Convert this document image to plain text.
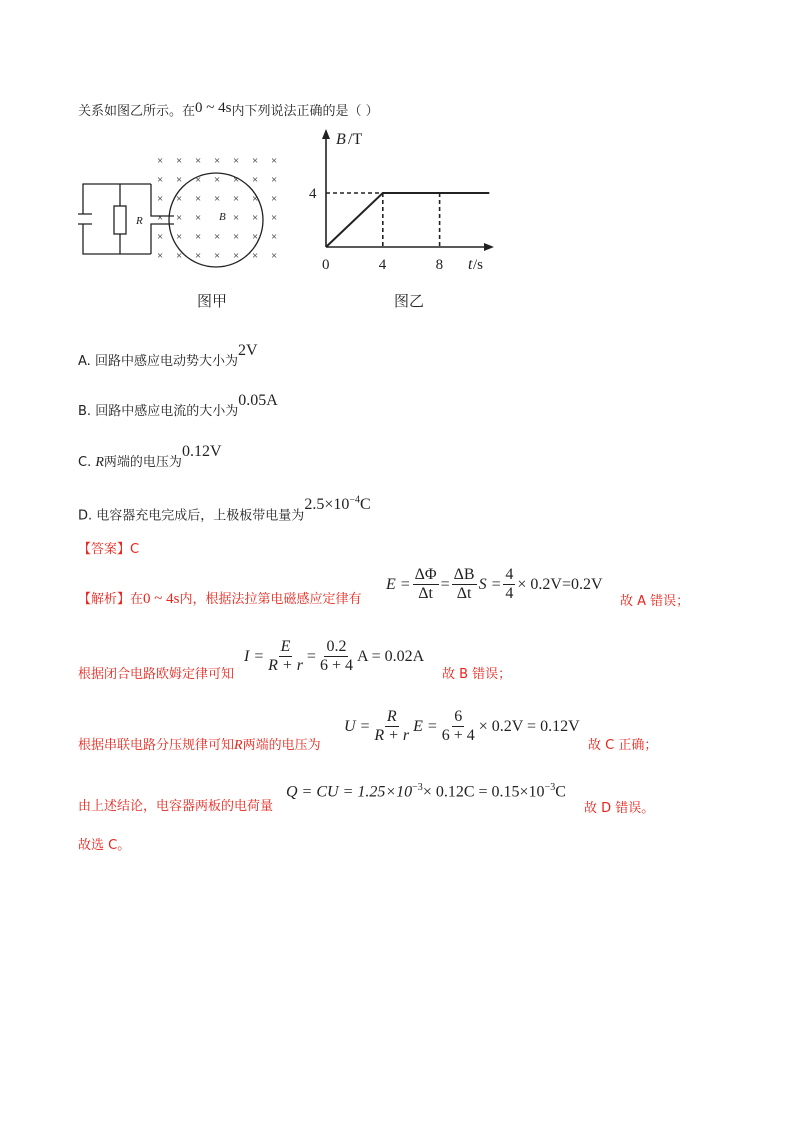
关系如图乙所示。在0 ~ 4s内下列说法正确的是（ ）
R	B
× × × × × × ×
× × × × × × ×
× × × × × × ×
× × ×	× × ×
× × × × × × ×
× × × × × × ×
图甲
B /T
0	4	8
4
t /s
图乙
A. 回路中感应电动势大小为2V
B. 回路中感应电流的大小为0.05A
C. R两端的电压为0.12V
D. 电容器充电完成后，上极板带电量为$2.5\times 10^{-4}C$
【答案】C
【解析】在0 ~ 4s内，根据法拉第电磁感应定律有
$E = \frac{\Delta\Phi}{\Delta t} = \frac{\Delta B}{\Delta t}$ $S = \frac{4}{4} \times 0.2V=0.2V$
故 A 错误；
根据闭合电路欧姆定律可知
$I = \frac{E}{R + r} = \frac{0.2}{6 + 4}$ A = 0.02A
故 B 错误；
根据串联电路分压规律可知R两端的电压为
$U = \frac{R}{R + r}$ $E = \frac{6}{6 + 4} \times 0.2V = 0.12V$
故 C 正确；
由上述结论，电容器两板的电荷量
Q = CU = $1.25\times 10^{-3}\times 0.12C = 0.15\times 10^{-3}C$
故 D 错误。
故选 C。
